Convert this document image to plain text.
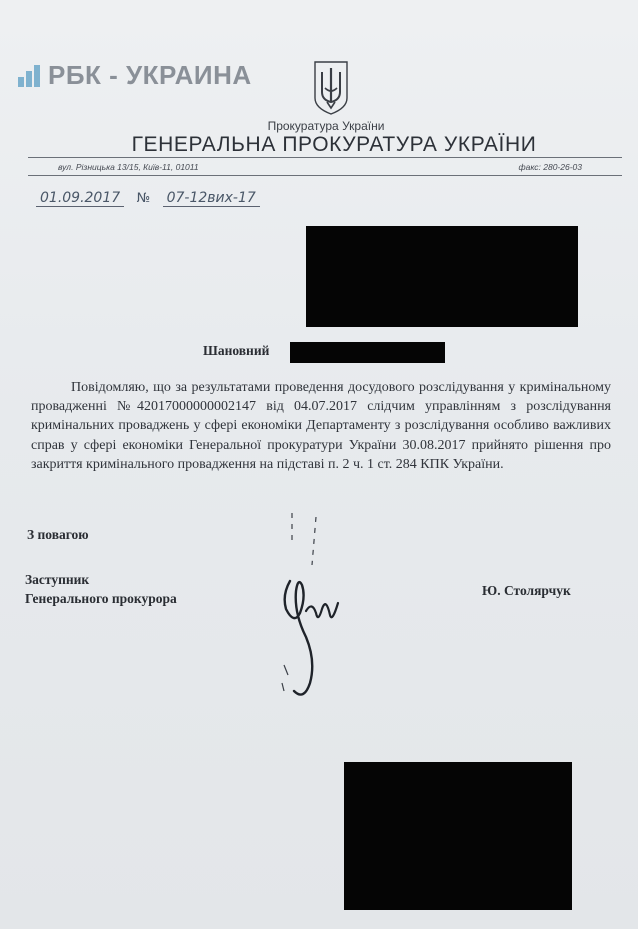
РБК - УКРАИНА
Прокуратура України
ГЕНЕРАЛЬНА ПРОКУРАТУРА УКРАЇНИ
вул. Різницька 13/15, Київ-11, 01011	факс: 280-26-03
01.09.2017 № 07-12вих-17
Шановний
Повідомляю, що за результатами проведення досудового розслідування у кримінальному провадженні №42017000000002147 від 04.07.2017 слідчим управлінням з розслідування кримінальних проваджень у сфері економіки Департаменту з розслідування особливо важливих справ у сфері економіки Генеральної прокуратури України 30.08.2017 прийнято рішення про закриття кримінального провадження на підставі п. 2 ч. 1 ст. 284 КПК України.
З повагою
Заступник
Генерального прокурора
Ю. Столярчук
